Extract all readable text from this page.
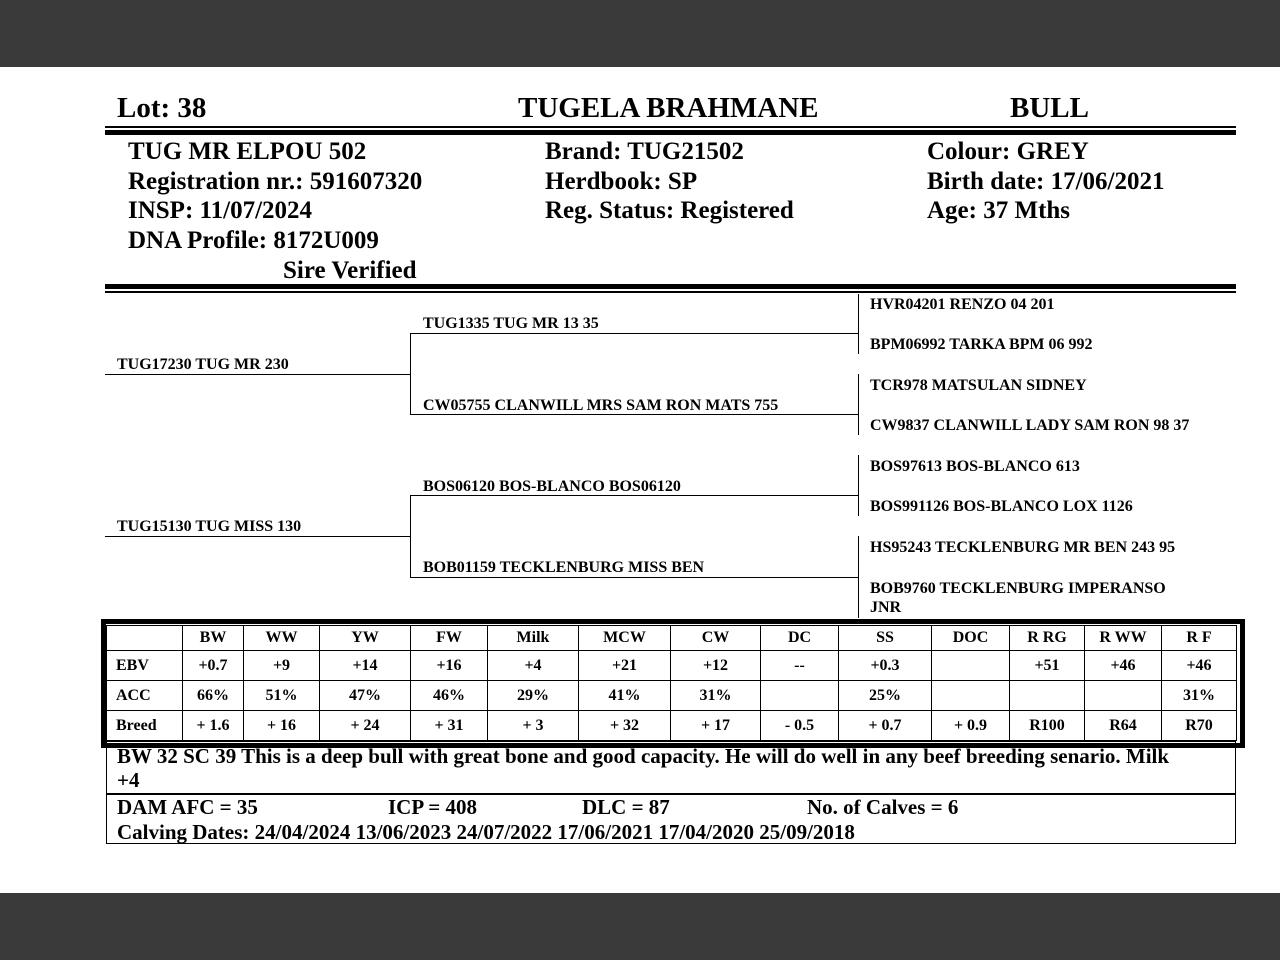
Lot: 38	TUGELA BRAHMANE	BULL
TUG MR ELPOU 502
Registration nr.: 591607320
INSP: 11/07/2024
DNA Profile: 8172U009
Sire Verified
Brand: TUG21502
Herdbook: SP
Reg. Status: Registered
Colour: GREY
Birth date: 17/06/2021
Age: 37 Mths
TUG17230 TUG MR 230
TUG15130 TUG MISS 130
TUG1335 TUG MR 13 35
CW05755 CLANWILL MRS SAM RON MATS 755
BOS06120 BOS-BLANCO BOS06120
BOB01159 TECKLENBURG MISS BEN
HVR04201 RENZO 04 201
BPM06992 TARKA BPM 06 992
TCR978 MATSULAN SIDNEY
CW9837 CLANWILL LADY SAM RON 98 37
BOS97613 BOS-BLANCO 613
BOS991126 BOS-BLANCO LOX 1126
HS95243 TECKLENBURG MR BEN 243 95
BOB9760 TECKLENBURG IMPERANSO
JNR
	BW	WW	YW	FW	Milk	MCW	CW	DC	SS	DOC	R RG	R WW	R F
EBV	+0.7	+9	+14	+16	+4	+21	+12	--	+0.3		+51	+46	+46
ACC	66%	51%	47%	46%	29%	41%	31%		25%				31%
Breed	+ 1.6	+ 16	+ 24	+ 31	+ 3	+ 32	+ 17	- 0.5	+ 0.7	+ 0.9	R100	R64	R70
BW 32 SC 39 This is a deep bull with great bone and good capacity. He will do well in any beef breeding senario. Milk
+4
DAM AFC = 35	ICP = 408	DLC = 87	No. of Calves = 6
Calving Dates: 24/04/2024 13/06/2023 24/07/2022 17/06/2021 17/04/2020 25/09/2018
